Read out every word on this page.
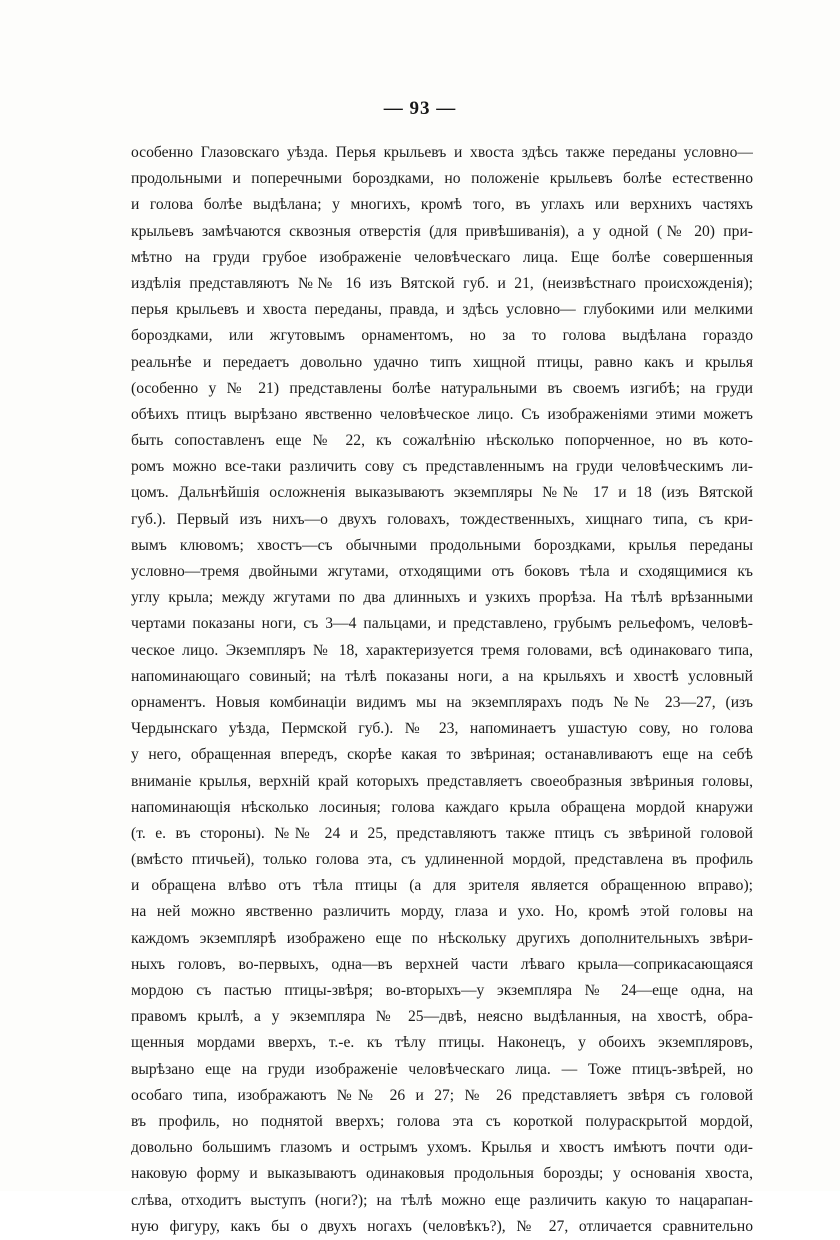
— 93 —
особенно Глазовскаго уѣзда. Перья крыльевъ и хвоста здѣсь также переданы условно—
продольными и поперечными бороздками, но положенiе крыльевъ болѣе естественно
и голова болѣе выдѣлана; у многихъ, кромѣ того, въ углахъ или верхнихъ частяхъ
крыльевъ замѣчаются сквозныя отверстiя (для привѣшиванiя), а у одной (№ 20) при-
мѣтно на груди грубое изображенiе человѣческаго лица. Еще болѣе совершенныя
издѣлiя представляютъ №№ 16 изъ Вятской губ. и 21, (неизвѣстнаго происхожденiя);
перья крыльевъ и хвоста переданы, правда, и здѣсь условно— глубокими или мелкими
бороздками, или жгутовымъ орнаментомъ, но за то голова выдѣлана гораздо
реальнѣе и передаетъ довольно удачно типъ хищной птицы, равно какъ и крылья
(особенно у № 21) представлены болѣе натуральными въ своемъ изгибѣ; на груди
обѣихъ птицъ вырѣзано явственно человѣческое лицо. Съ изображенiями этими можетъ
быть сопоставленъ еще № 22, къ сожалѣнiю нѣсколько попорченное, но въ кото-
ромъ можно все-таки различить сову съ представленнымъ на груди человѣческимъ ли-
цомъ. Дальнѣйшiя осложненiя выказываютъ экземпляры №№ 17 и 18 (изъ Вятской
губ.). Первый изъ нихъ—о двухъ головахъ, тождественныхъ, хищнаго типа, съ кри-
вымъ клювомъ; хвостъ—съ обычными продольными бороздками, крылья переданы
условно—тремя двойными жгутами, отходящими отъ боковъ тѣла и сходящимися къ
углу крыла; между жгутами по два длинныхъ и узкихъ прорѣза. На тѣлѣ врѣзанными
чертами показаны ноги, съ 3—4 пальцами, и представлено, грубымъ рельефомъ, человѣ-
ческое лицо. Экземпляръ № 18, характеризуется тремя головами, всѣ одинаковаго типа,
напоминающаго совиный; на тѣлѣ показаны ноги, а на крыльяхъ и хвостѣ условный
орнаментъ. Новыя комбинацiи видимъ мы на экземплярахъ подъ №№ 23—27, (изъ
Чердынскаго уѣзда, Пермской губ.). № 23, напоминаетъ ушастую сову, но голова
у него, обращенная впередъ, скорѣе какая то звѣриная; останавливаютъ еще на себѣ
вниманiе крылья, верхнiй край которыхъ представляетъ своеобразныя звѣриныя головы,
напоминающiя нѣсколько лосиныя; голова каждаго крыла обращена мордой кнаружи
(т. е. въ стороны). №№ 24 и 25, представляютъ также птицъ съ звѣриной головой
(вмѣсто птичьей), только голова эта, съ удлиненной мордой, представлена въ профиль
и обращена влѣво отъ тѣла птицы (а для зрителя является обращенною вправо);
на ней можно явственно различить морду, глаза и ухо. Но, кромѣ этой головы на
каждомъ экземплярѣ изображено еще по нѣскольку другихъ дополнительныхъ звѣри-
ныхъ головъ, во-первыхъ, одна—въ верхней части лѣваго крыла—соприкасающаяся
мордою съ пастью птицы-звѣря; во-вторыхъ—у экземпляра № 24—еще одна, на
правомъ крылѣ, а у экземпляра № 25—двѣ, неясно выдѣланныя, на хвостѣ, обра-
щенныя мордами вверхъ, т.-е. къ тѣлу птицы. Наконецъ, у обоихъ экземпляровъ,
вырѣзано еще на груди изображенiе человѣческаго лица. — Тоже птицъ-звѣрей, но
особаго типа, изображаютъ №№ 26 и 27; № 26 представляетъ звѣря съ головой
въ профиль, но поднятой вверхъ; голова эта съ короткой полураскрытой мордой,
довольно большимъ глазомъ и острымъ ухомъ. Крылья и хвостъ имѣютъ почти оди-
наковую форму и выказываютъ одинаковыя продольныя борозды; у основанiя хвоста,
слѣва, отходитъ выступъ (ноги?); на тѣлѣ можно еще различить какую то нацарапан-
ную фигуру, какъ бы о двухъ ногахъ (человѣкъ?), № 27, отличается сравнительно
